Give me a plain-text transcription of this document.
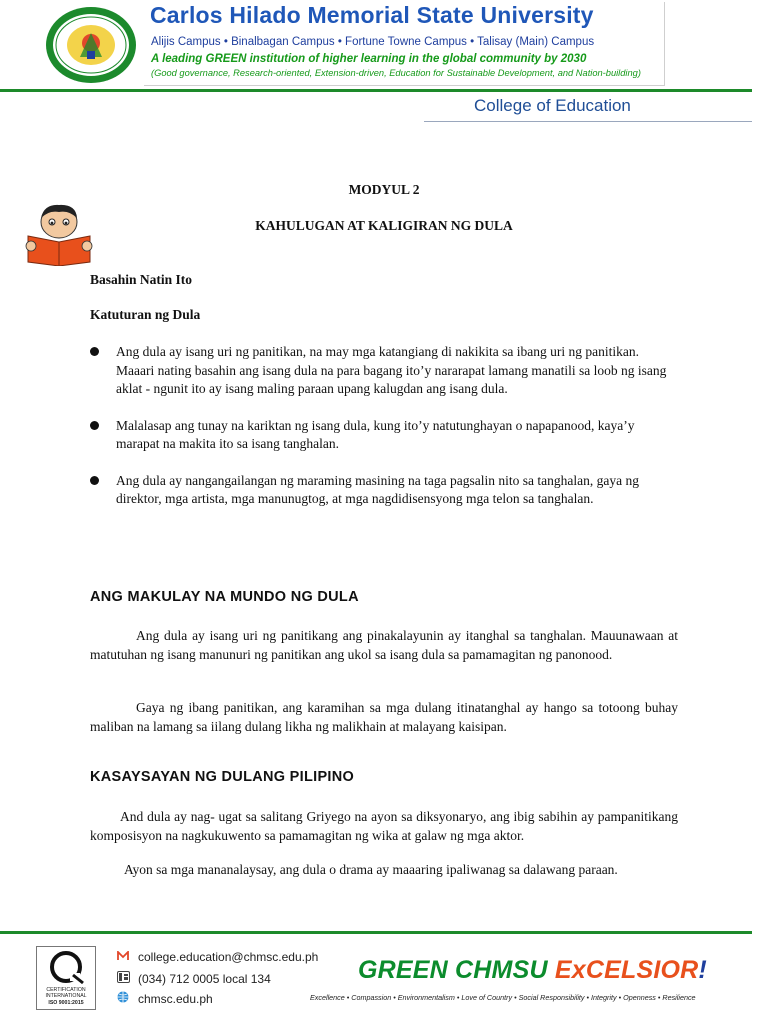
Carlos Hilado Memorial State University
Alijis Campus • Binalbagan Campus • Fortune Towne Campus • Talisay (Main) Campus
A leading GREEN institution of higher learning in the global community by 2030
(Good governance, Research-oriented, Extension-driven, Education for Sustainable Development, and Nation-building)
College of Education
MODYUL 2
KAHULUGAN AT KALIGIRAN NG DULA
Basahin Natin Ito
Katuturan ng Dula
Ang dula ay isang uri ng panitikan, na may mga katangiang di nakikita sa ibang uri ng panitikan. Maaari nating basahin ang isang dula na para bagang ito’y nararapat lamang manatili sa loob ng isang aklat - ngunit ito ay isang maling paraan upang kalugdan ang isang dula.
Malalasap ang tunay na kariktan ng isang dula, kung ito’y natutunghayan o napapanood, kaya’y marapat na makita ito sa isang tanghalan.
Ang dula ay nangangailangan ng maraming masining na taga pagsalin nito sa tanghalan, gaya ng direktor, mga artista, mga manunugtog, at mga nagdidisensyong mga telon sa tanghalan.
ANG MAKULAY NA MUNDO NG DULA

Ang dula ay isang uri ng panitikang ang pinakalayunin ay itanghal sa tanghalan. Mauunawaan at matutuhan ng isang manunuri ng panitikan ang ukol sa isang dula sa pamamagitan ng panonood.

Gaya ng ibang panitikan, ang karamihan sa mga dulang itinatanghal ay hango sa totoong buhay maliban na lamang sa iilang dulang likha ng malikhain at malayang kaisipan.

KASAYSAYAN NG DULANG PILIPINO

And dula ay nag- ugat sa salitang Griyego na ayon sa diksyonaryo, ang ibig sabihin ay pampanitikang komposisyon na nagkukuwento sa pamamagitan ng wika at galaw ng mga aktor.

Ayon sa mga mananalaysay, ang dula o drama ay maaaring ipaliwanag sa dalawang paraan.

CERTIFICATION
INTERNATIONAL
ISO 9001:2015
college.education@chmsc.edu.ph
(034) 712 0005 local 134
chmsc.edu.ph
GREEN CHMSU ExCELSIOR!
Excellence • Compassion • Environmentalism • Love of Country • Social Responsibility • Integrity • Openness • Resilience
